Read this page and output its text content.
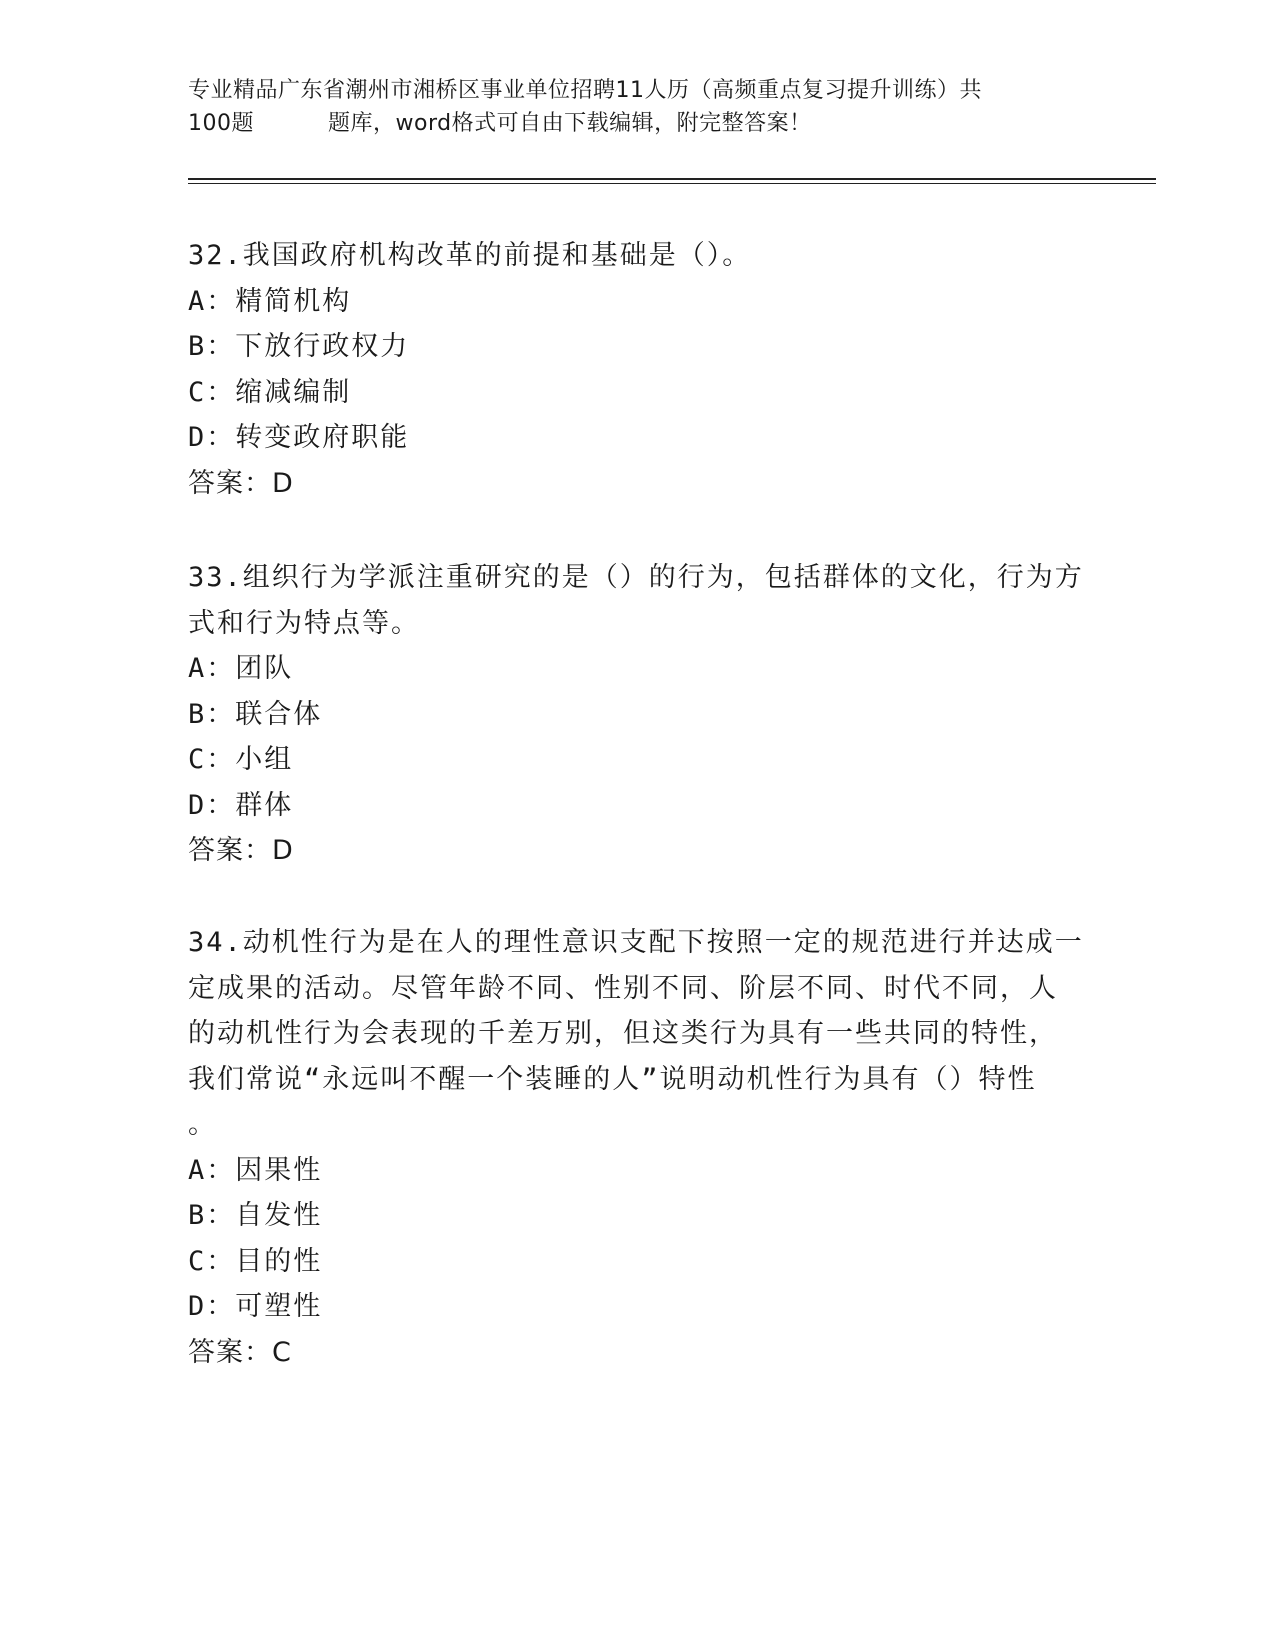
专业精品广东省潮州市湘桥区事业单位招聘11人历（高频重点复习提升训练）共
100题	题库，word格式可自由下载编辑，附完整答案！
32.我国政府机构改革的前提和基础是（）。
A：精简机构
B：下放行政权力
C：缩减编制
D：转变政府职能
答案：D
33.组织行为学派注重研究的是（）的行为，包括群体的文化，行为方
式和行为特点等。
A：团队
B：联合体
C：小组
D：群体
答案：D
34.动机性行为是在人的理性意识支配下按照一定的规范进行并达成一
定成果的活动。尽管年龄不同、性别不同、阶层不同、时代不同，人
的动机性行为会表现的千差万别，但这类行为具有一些共同的特性，
我们常说“永远叫不醒一个装睡的人”说明动机性行为具有（）特性
。
A：因果性
B：自发性
C：目的性
D：可塑性
答案：C
